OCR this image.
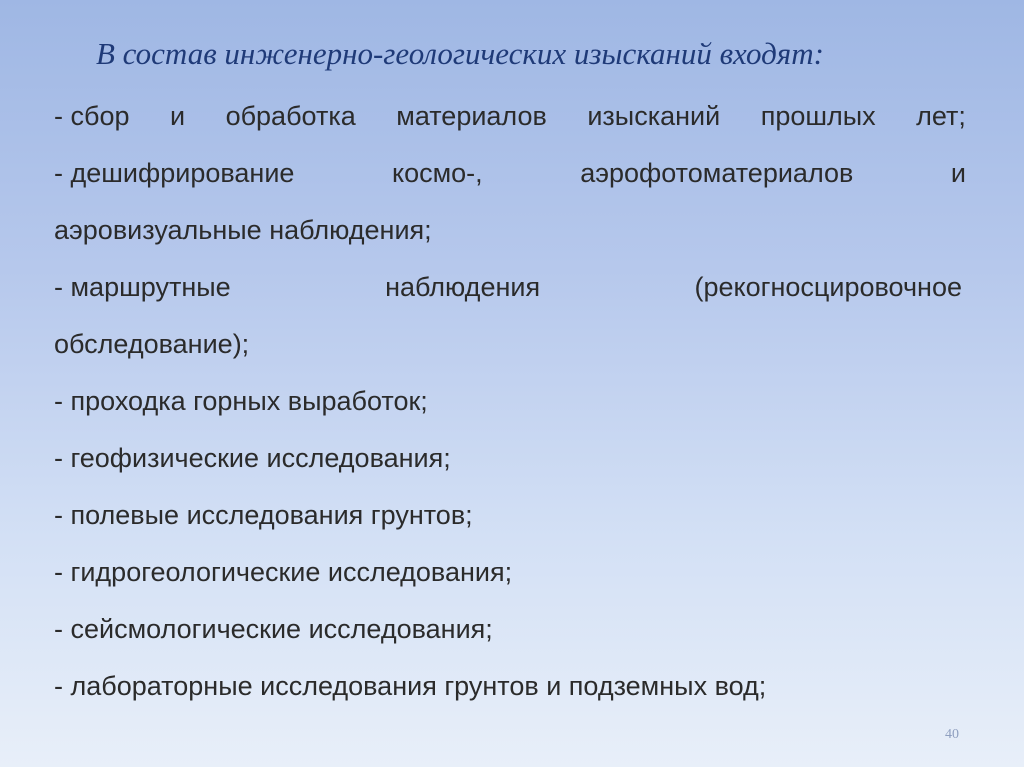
В состав инженерно-геологических изысканий входят:
- сбор и обработка материалов изысканий прошлых лет;
- дешифрирование	космо-,	аэрофотоматериалов	и
аэровизуальные наблюдения;
- маршрутные	наблюдения	(рекогносцировочное
обследование);
- проходка горных выработок;
- геофизические исследования;
- полевые исследования грунтов;
- гидрогеологические исследования;
- сейсмологические исследования;
- лабораторные исследования грунтов и подземных вод;
40
